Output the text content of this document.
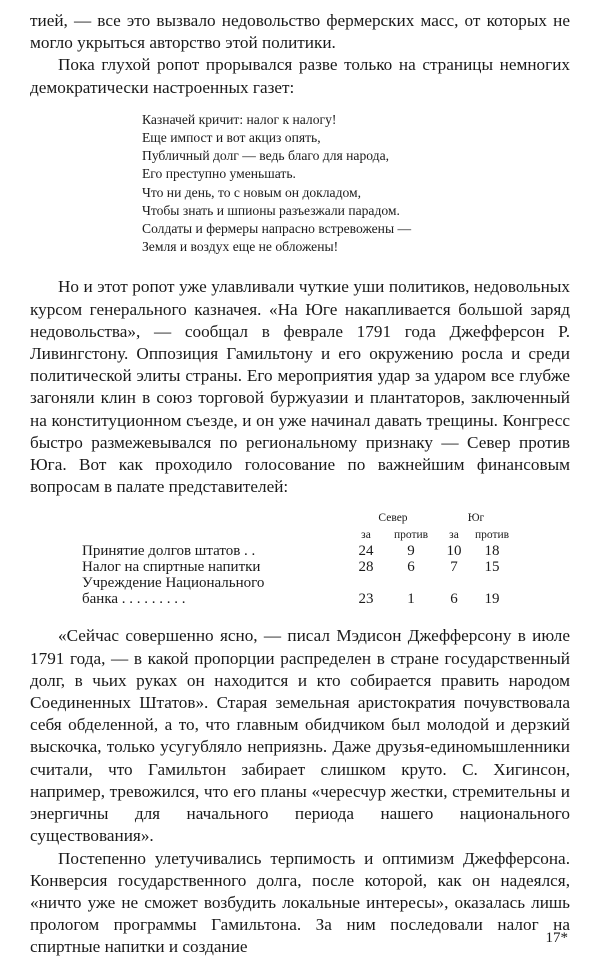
тией, — все это вызвало недовольство фермерских масс, от которых не могло укрыться авторство этой политики.

Пока глухой ропот прорывался разве только на страницы немногих демократически настроенных газет:

Казначей кричит: налог к налогу!
Еще импост и вот акциз опять,
Публичный долг — ведь благо для народа,
Его преступно уменьшать.
Что ни день, то с новым он докладом,
Чтобы знать и шпионы разъезжали парадом.
Солдаты и фермеры напрасно встревожены —
Земля и воздух еще не обложены!

Но и этот ропот уже улавливали чуткие уши политиков, недовольных курсом генерального казначея. «На Юге накапливается большой заряд недовольства», — сообщал в феврале 1791 года Джефферсон Р. Ливингстону. Оппозиция Гамильтону и его окружению росла и среди политической элиты страны. Его мероприятия удар за ударом все глубже загоняли клин в союз торговой буржуазии и плантаторов, заключенный на конституционном съезде, и он уже начинал давать трещины. Конгресс быстро размежевывался по региональному признаку — Север против Юга. Вот как проходило голосование по важнейшим финансовым вопросам в палате представителей:

	Север		Юг	
	за	против	за	против
Принятие долгов штатов . .	24	9	10	18
Налог на спиртные напитки	28	6	7	15
Учреждение Национального				
банка . . . . . . . . .	23	1	6	19

«Сейчас совершенно ясно, — писал Мэдисон Джефферсону в июле 1791 года, — в какой пропорции распределен в стране государственный долг, в чьих руках он находится и кто собирается править народом Соединенных Штатов». Старая земельная аристократия почувствовала себя обделенной, а то, что главным обидчиком был молодой и дерзкий выскочка, только усугубляло неприязнь. Даже друзья-единомышленники считали, что Гамильтон забирает слишком круто. С. Хигинсон, например, тревожился, что его планы «чересчур жестки, стремительны и энергичны для начального периода нашего национального существования».

Постепенно улетучивались терпимость и оптимизм Джефферсона. Конверсия государственного долга, после которой, как он надеялся, «ничто уже не сможет возбудить локальные интересы», оказалась лишь прологом программы Гамильтона. За ним последовали налог на спиртные напитки и создание	17*
